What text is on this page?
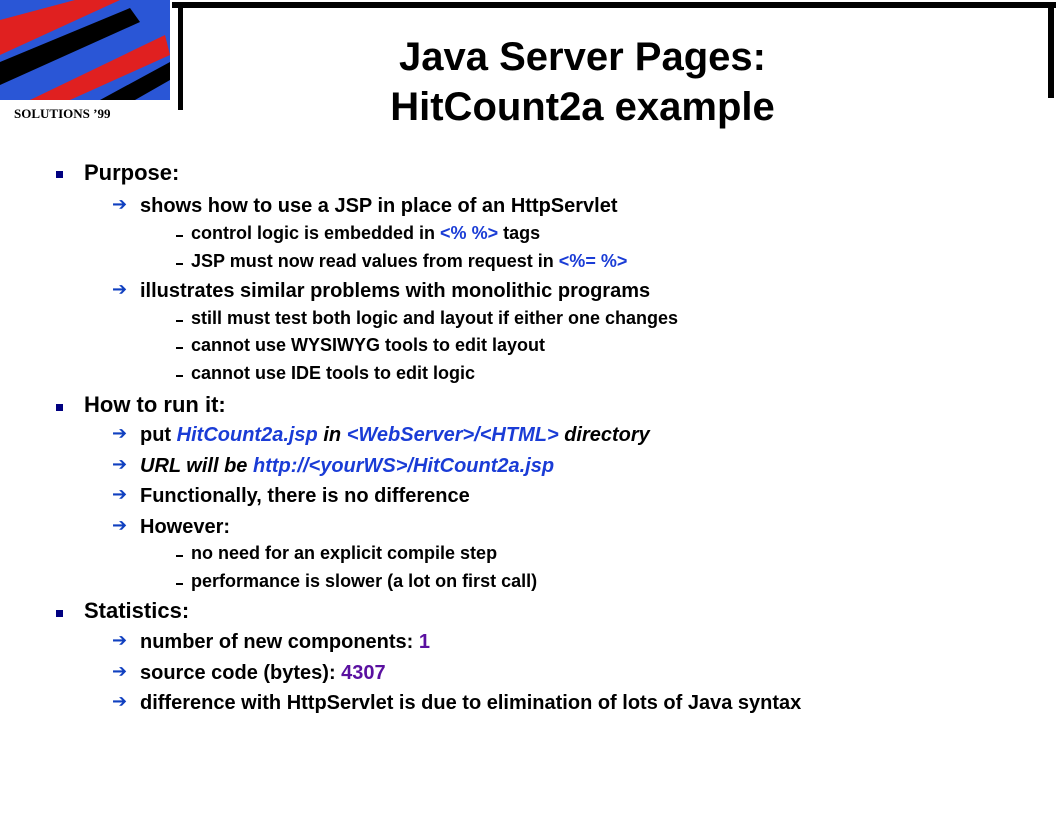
SOLUTIONS ’99
Java Server Pages:
HitCount2a example
Purpose:
➔ shows how to use a JSP in place of an HttpServlet
control logic is embedded in <% %> tags
JSP must now read values from request in <%= %>
➔ illustrates similar problems with monolithic programs
still must test both logic and layout if either one changes
cannot use WYSIWYG tools to edit layout
cannot use IDE tools to edit logic
How to run it:
➔ put HitCount2a.jsp in <WebServer>/<HTML> directory
➔ URL will be http://<yourWS>/HitCount2a.jsp
➔ Functionally, there is no difference
➔ However:
no need for an explicit compile step
performance is slower (a lot on first call)
Statistics:
➔ number of new components: 1
➔ source code (bytes): 4307
➔ difference with HttpServlet is due to elimination of lots of Java syntax
